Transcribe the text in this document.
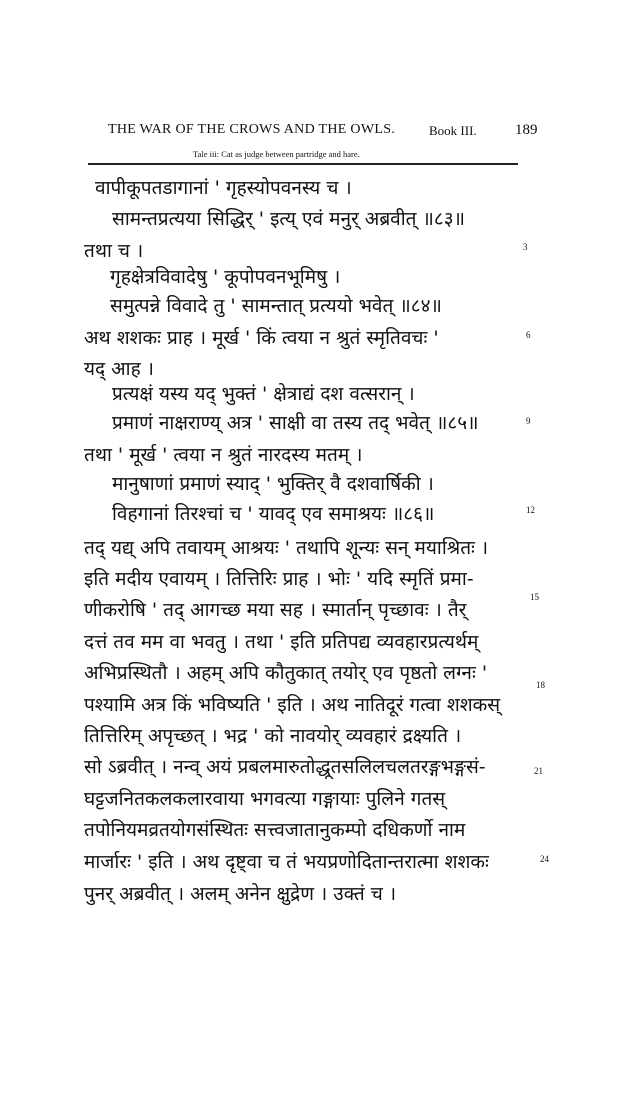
THE WAR OF THE CROWS AND THE OWLS.	Book III.	189
Tale iii: Cat as judge between partridge and hare.
वापीकूपतडागानां ' गृहस्योपवनस्य च ।
सामन्तप्रत्यया सिद्धिर् ' इत्य् एवं मनुर् अब्रवीत् ॥८३॥
तथा च ।
गृहक्षेत्रविवादेषु ' कूपोपवनभूमिषु ।
समुत्पन्ने विवादे तु ' सामन्तात् प्रत्ययो भवेत् ॥८४॥
अथ शशकः प्राह । मूर्ख ' किं त्वया न श्रुतं स्मृतिवचः '
यद् आह ।
प्रत्यक्षं यस्य यद् भुक्तं ' क्षेत्राद्यं दश वत्सरान् ।
प्रमाणं नाक्षराण्य् अत्र ' साक्षी वा तस्य तद् भवेत् ॥८५॥
तथा ' मूर्ख ' त्वया न श्रुतं नारदस्य मतम् ।
मानुषाणां प्रमाणं स्याद् ' भुक्तिर् वै दशवार्षिकी ।
विहगानां तिरश्चां च ' यावद् एव समाश्रयः ॥८६॥
तद् यद्य् अपि तवायम् आश्रयः ' तथापि शून्यः सन् मयाश्रितः ।
इति मदीय एवायम् । तित्तिरिः प्राह । भोः ' यदि स्मृतिं प्रमा-
णीकरोषि ' तद् आगच्छ मया सह । स्मार्तान् पृच्छावः । तैर्
दत्तं तव मम वा भवतु । तथा ' इति प्रतिपद्य व्यवहारप्रत्यर्थम्
अभिप्रस्थितौ । अहम् अपि कौतुकात् तयोर् एव पृष्ठतो लग्नः '
पश्यामि अत्र किं भविष्यति ' इति । अथ नातिदूरं गत्वा शशकस्
तित्तिरिम् अपृच्छत् । भद्र ' को नावयोर् व्यवहारं द्रक्ष्यति ।
सो ऽब्रवीत् । नन्व् अयं प्रबलमारुतोद्धूतसलिलचलतरङ्गभङ्गसं-
घट्टजनितकलकलारवाया भगवत्या गङ्गायाः पुलिने गतस्
तपोनियमव्रतयोगसंस्थितः सत्त्वजातानुकम्पो दधिकर्णो नाम
मार्जारः ' इति । अथ दृष्ट्वा च तं भयप्रणोदितान्तरात्मा शशकः
पुनर् अब्रवीत् । अलम् अनेन क्षुद्रेण । उक्तं च ।
3
6
9
12
15
18
21
24
